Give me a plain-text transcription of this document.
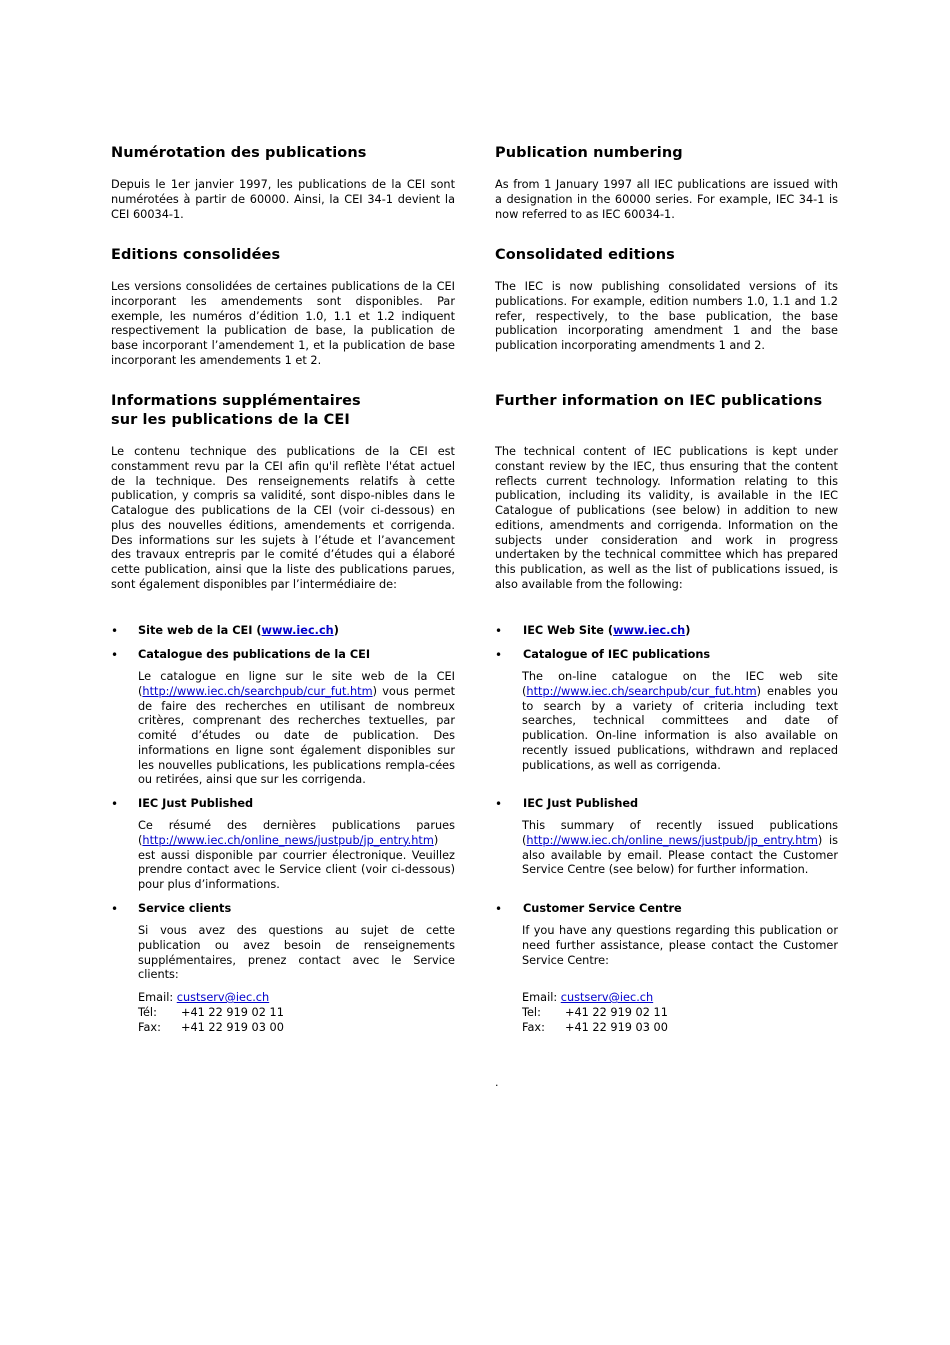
Numérotation des publications

Depuis le 1er janvier 1997, les publications de la CEI sont numérotées à partir de 60000. Ainsi, la CEI 34-1 devient la CEI 60034-1.

Editions consolidées

Les versions consolidées de certaines publications de la CEI incorporant les amendements sont disponibles. Par exemple, les numéros d’édition 1.0, 1.1 et 1.2 indiquent respectivement la publication de base, la publication de base incorporant l’amendement 1, et la publication de base incorporant les amendements 1 et 2.

Informations supplémentaires
sur les publications de la CEI

Le contenu technique des publications de la CEI est constamment revu par la CEI afin qu'il reflète l'état actuel de la technique. Des renseignements relatifs à cette publication, y compris sa validité, sont dispo-nibles dans le Catalogue des publications de la CEI (voir ci-dessous) en plus des nouvelles éditions, amendements et corrigenda. Des informations sur les sujets à l’étude et l’avancement des travaux entrepris par le comité d’études qui a élaboré cette publication, ainsi que la liste des publications parues, sont également disponibles par l’intermédiaire de:

• Site web de la CEI (www.iec.ch)
• Catalogue des publications de la CEI

Le catalogue en ligne sur le site web de la CEI (http://www.iec.ch/searchpub/cur_fut.htm) vous permet de faire des recherches en utilisant de nombreux critères, comprenant des recherches textuelles, par comité d’études ou date de publication. Des informations en ligne sont également disponibles sur les nouvelles publications, les publications rempla-cées ou retirées, ainsi que sur les corrigenda.

• IEC Just Published

Ce résumé des dernières publications parues (http://www.iec.ch/online_news/justpub/jp_entry.htm) est aussi disponible par courrier électronique. Veuillez prendre contact avec le Service client (voir ci-dessous) pour plus d’informations.

• Service clients

Si vous avez des questions au sujet de cette publication ou avez besoin de renseignements supplémentaires, prenez contact avec le Service clients:

Email: custserv@iec.ch
Tél: +41 22 919 02 11
Fax: +41 22 919 03 00
Publication numbering

As from 1 January 1997 all IEC publications are issued with a designation in the 60000 series. For example, IEC 34-1 is now referred to as IEC 60034-1.

Consolidated editions

The IEC is now publishing consolidated versions of its publications. For example, edition numbers 1.0, 1.1 and 1.2 refer, respectively, to the base publication, the base publication incorporating amendment 1 and the base publication incorporating amendments 1 and 2.

Further information on IEC publications

The technical content of IEC publications is kept under constant review by the IEC, thus ensuring that the content reflects current technology. Information relating to this publication, including its validity, is available in the IEC Catalogue of publications (see below) in addition to new editions, amendments and corrigenda. Information on the subjects under consideration and work in progress undertaken by the technical committee which has prepared this publication, as well as the list of publications issued, is also available from the following:

• IEC Web Site (www.iec.ch)
• Catalogue of IEC publications

The on-line catalogue on the IEC web site (http://www.iec.ch/searchpub/cur_fut.htm) enables you to search by a variety of criteria including text searches, technical committees and date of publication. On-line information is also available on recently issued publications, withdrawn and replaced publications, as well as corrigenda.

• IEC Just Published

This summary of recently issued publications (http://www.iec.ch/online_news/justpub/jp_entry.htm) is also available by email. Please contact the Customer Service Centre (see below) for further information.

• Customer Service Centre

If you have any questions regarding this publication or need further assistance, please contact the Customer Service Centre:

Email: custserv@iec.ch
Tel: +41 22 919 02 11
Fax: +41 22 919 03 00
.
